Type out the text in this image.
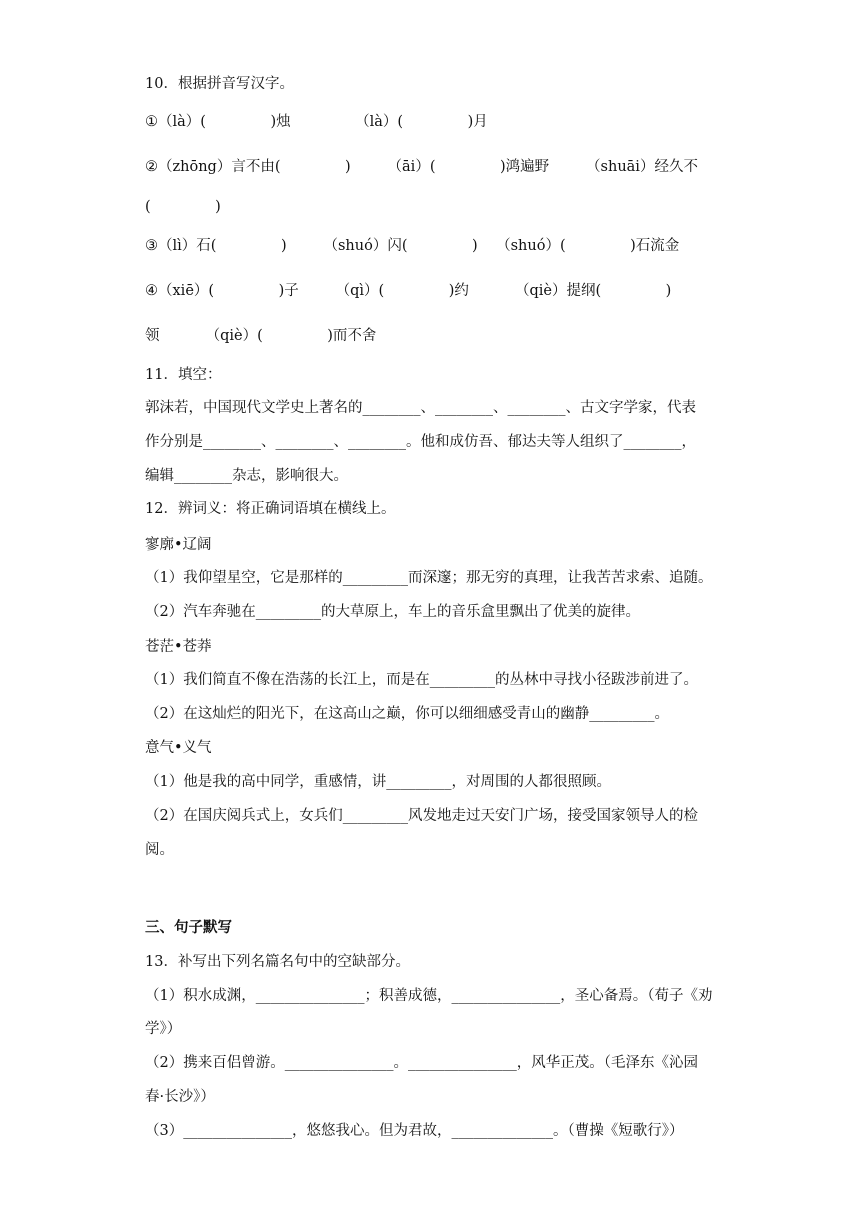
10．根据拼音写汉字。
①（là）(              )烛              （là）(              )月
②（zhōng）言不由(              )        （āi）(              )鸿遍野        （shuāi）经久不
(              )
③（lì）石(              )        （shuó）闪(              )    （shuó）(              )石流金
④（xiē）(              )子        （qì）(              )约          （qiè）提纲(              )
领          （qiè）(              )而不舍
11．填空：
郭沫若，中国现代文学史上著名的________、________、________、古文字学家，代表
作分别是________、________、________。他和成仿吾、郁达夫等人组织了________，
编辑________杂志，影响很大。
12．辨词义：将正确词语填在横线上。
寥廓•辽阔
（1）我仰望星空，它是那样的_________而深邃；那无穷的真理，让我苦苦求索、追随。
（2）汽车奔驰在_________的大草原上，车上的音乐盒里飘出了优美的旋律。
苍茫•苍莽
（1）我们简直不像在浩荡的长江上，而是在_________的丛林中寻找小径跋涉前进了。
（2）在这灿烂的阳光下，在这高山之巅，你可以细细感受青山的幽静_________。
意气•义气
（1）他是我的高中同学，重感情，讲_________，对周围的人都很照顾。
（2）在国庆阅兵式上，女兵们_________风发地走过天安门广场，接受国家领导人的检
阅。
三、句子默写
13．补写出下列名篇名句中的空缺部分。
（1）积水成渊，_______________；积善成德，_______________，圣心备焉。（荀子《劝
学》）
（2）携来百侣曾游。_______________。_______________，风华正茂。（毛泽东《沁园
春·长沙》）
（3）_______________，悠悠我心。但为君故，______________。（曹操《短歌行》）
